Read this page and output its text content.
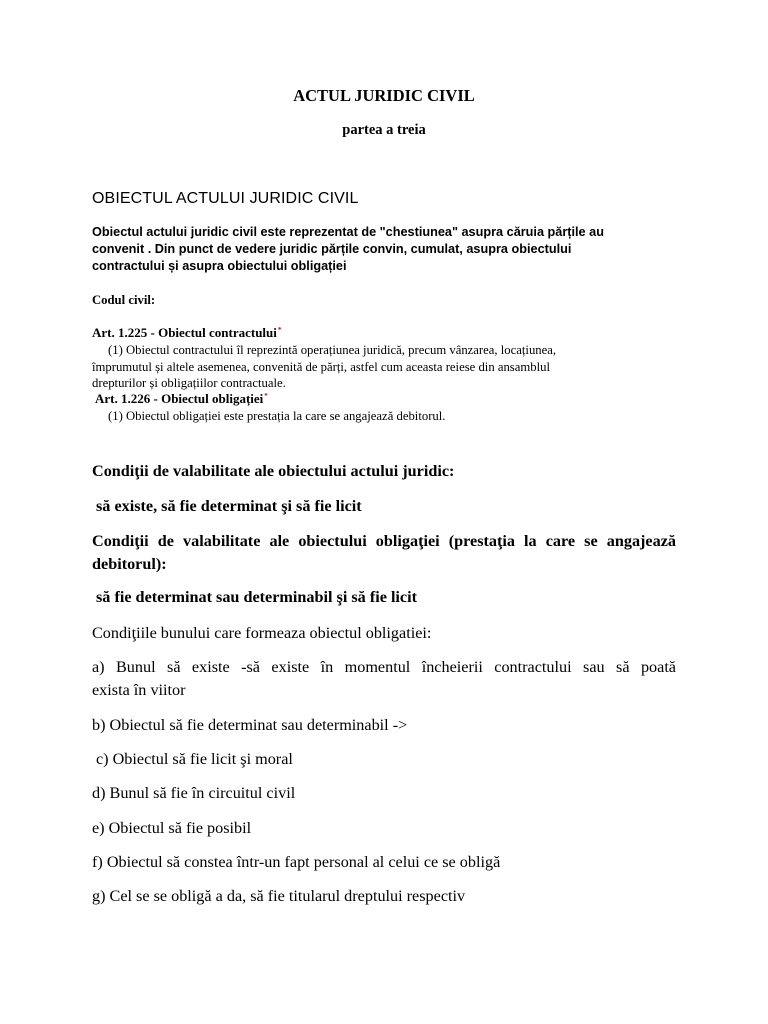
ACTUL JURIDIC CIVIL
partea a treia
OBIECTUL ACTULUI JURIDIC CIVIL
Obiectul actului juridic civil este reprezentat de "chestiunea" asupra căruia părțile au
convenit . Din punct de vedere juridic părțile convin, cumulat, asupra obiectului
contractului și asupra obiectului obligației
Codul civil:
Art. 1.225 - Obiectul contractului*
(1) Obiectul contractului îl reprezintă operațiunea juridică, precum vânzarea, locațiunea,
împrumutul și altele asemenea, convenită de părți, astfel cum aceasta reiese din ansamblul
drepturilor și obligațiilor contractuale.
Art. 1.226 - Obiectul obligației*
(1) Obiectul obligației este prestația la care se angajează debitorul.
Condiţii de valabilitate ale obiectului actului juridic:
să existe, să fie determinat şi să fie licit
Condiţii de valabilitate ale obiectului obligaţiei (prestaţia la care se angajează
debitorul):
să fie determinat sau determinabil şi să fie licit
Condiţiile bunului care formeaza obiectul obligatiei:
a) Bunul să existe -să existe în momentul încheierii contractului sau să poată
exista în viitor
b) Obiectul să fie determinat sau determinabil ->
c) Obiectul să fie licit şi moral
d) Bunul să fie în circuitul civil
e) Obiectul să fie posibil
f) Obiectul să constea într-un fapt personal al celui ce se obligă
g) Cel se se obligă a da, să fie titularul dreptului respectiv
